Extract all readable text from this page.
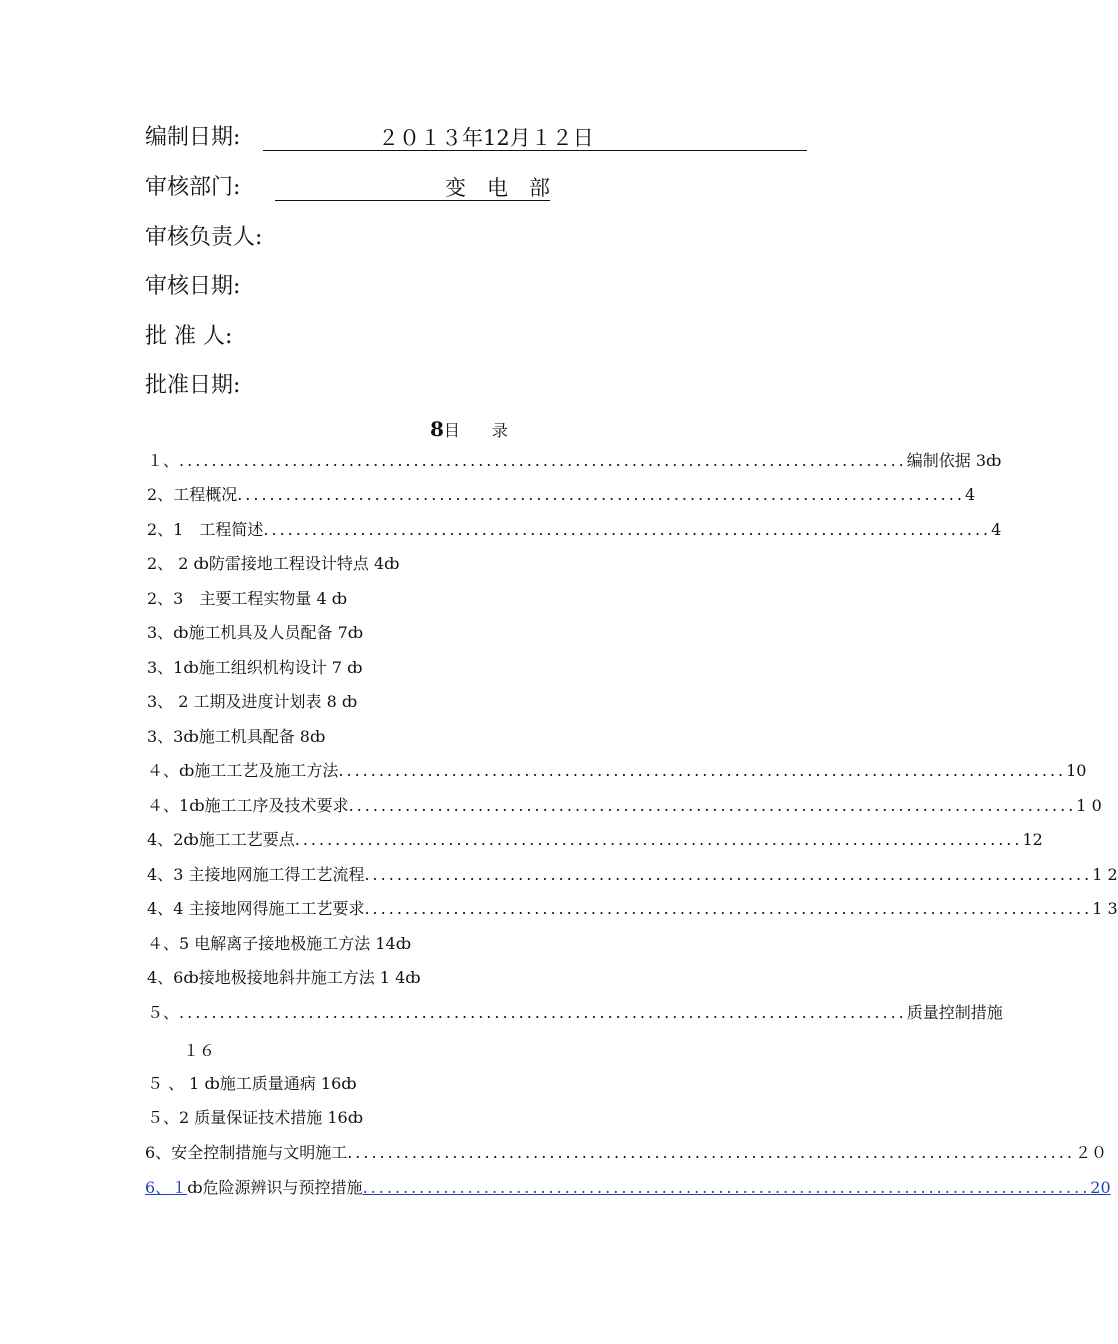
编制日期:	２０１３年12月１２日
审核部门:	变　电　部
审核负责人:
审核日期:
批 准 人:
批准日期:
8目　　录
１、 .......................................................................................... 编制依据 3 ȸ
2、 工程概况 .......................................................................................... 4
2、1　 工程简述 .......................................................................................... 4
2、 2 ȸ防雷接地工程设计特点 4ȸ
2、3　主要工程实物量 4 ȸ
3、ȸ施工机具及人员配备 7ȸ
3、1ȸ施工组织机构设计 7 ȸ
3、 2 工期及进度计划表 8 ȸ
3、3ȸ施工机具配备 8ȸ
４、 ȸ施工工艺及施工方法 .......................................................................................... 10
４、 1ȸ施工工序及技术要求 .......................................................................................... 1 0
4、 2ȸ施工工艺要点 .......................................................................................... 12
4、 3 主接地网施工得工艺流程 .......................................................................................... 1 2
4、 4 主接地网得施工工艺要求 .......................................................................................... 1 3
４、5 电解离子接地极施工方法 14ȸ
4、6ȸ接地极接地斜井施工方法 1 4ȸ
５、 .......................................................................................... 质量控制措施
１６
５ 、 1 ȸ施工质量通病 16ȸ
５、2 质量保证技术措施 16ȸ
6、 安全控制措施与文明施工 .......................................................................................... ２０
6、１ ȸ危险源辨识与预控措施 .......................................................................................... 20
